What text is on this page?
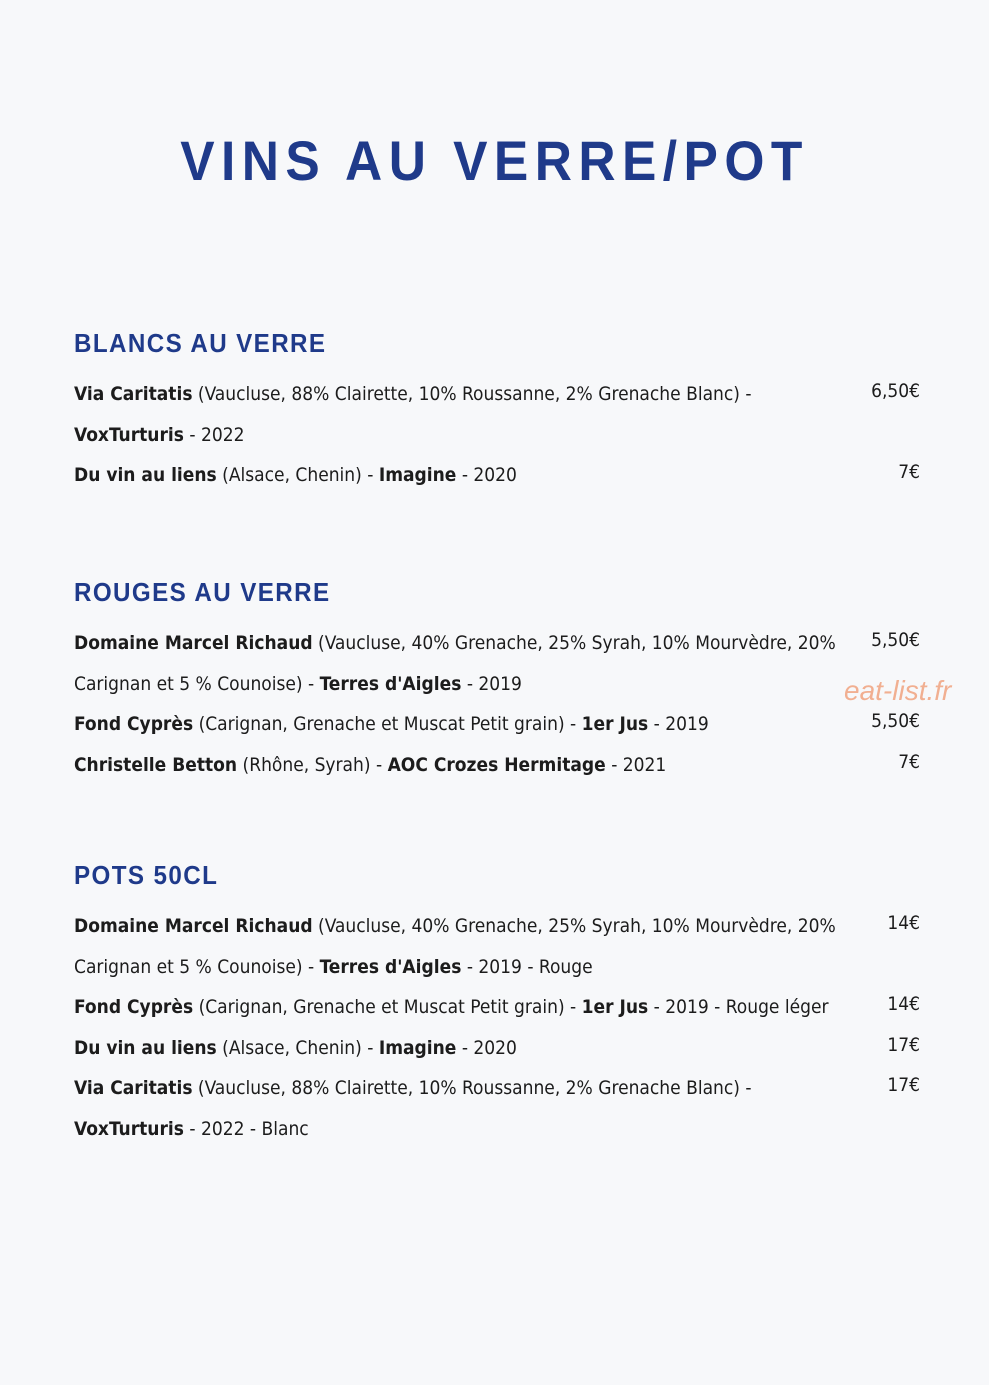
VINS AU VERRE/POT
BLANCS AU VERRE
Via Caritatis (Vaucluse, 88% Clairette, 10% Roussanne, 2% Grenache Blanc) -
VoxTurturis - 2022
6,50€
Du vin au liens (Alsace, Chenin) - Imagine - 2020	7€
ROUGES AU VERRE
Domaine Marcel Richaud (Vaucluse, 40% Grenache, 25% Syrah, 10% Mourvèdre, 20%
Carignan et 5 % Counoise) - Terres d'Aigles - 2019
5,50€
Fond Cyprès (Carignan, Grenache et Muscat Petit grain) - 1er Jus - 2019	5,50€
Christelle Betton (Rhône, Syrah) - AOC Crozes Hermitage - 2021	7€
POTS 50CL
Domaine Marcel Richaud (Vaucluse, 40% Grenache, 25% Syrah, 10% Mourvèdre, 20%
Carignan et 5 % Counoise) - Terres d'Aigles - 2019 - Rouge
14€
Fond Cyprès (Carignan, Grenache et Muscat Petit grain) - 1er Jus - 2019 - Rouge léger	14€
Du vin au liens (Alsace, Chenin) - Imagine - 2020	17€
Via Caritatis (Vaucluse, 88% Clairette, 10% Roussanne, 2% Grenache Blanc) -
VoxTurturis - 2022 - Blanc
17€
eat-list.fr
